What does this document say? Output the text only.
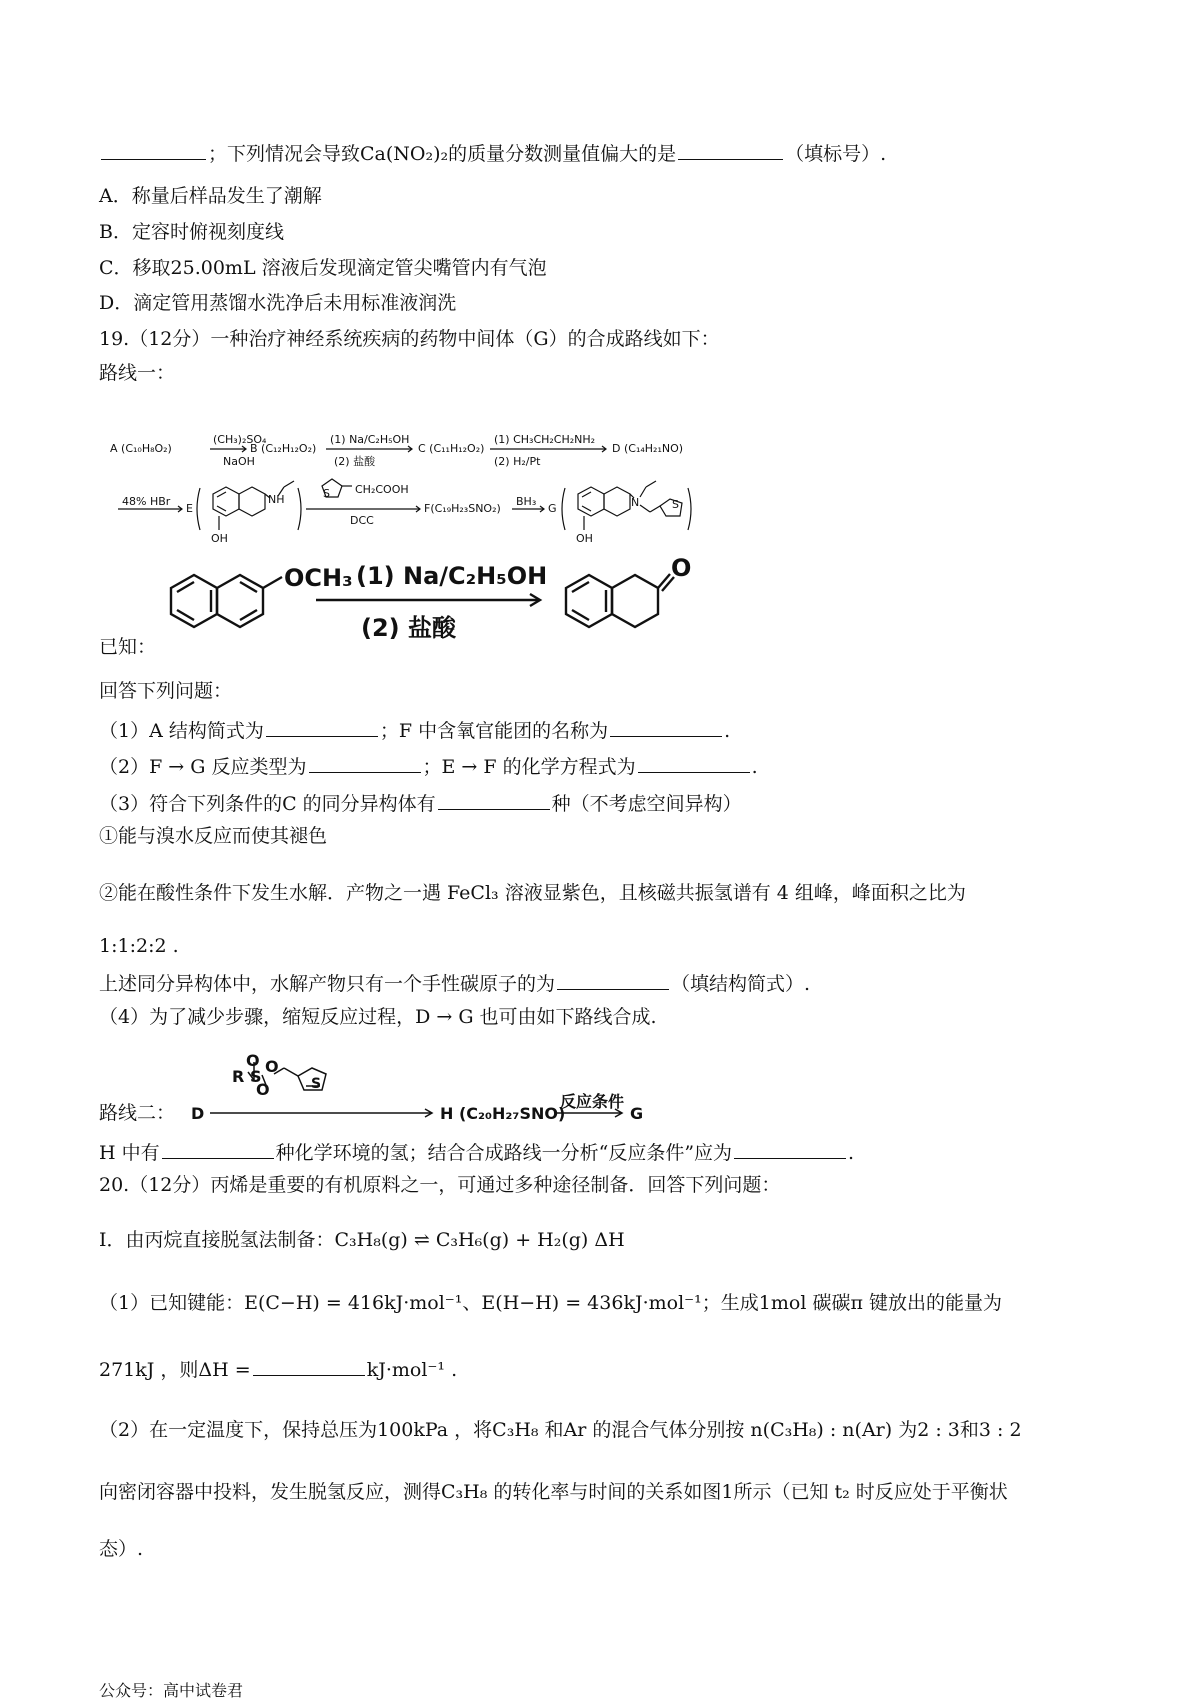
；下列情况会导致Ca(NO₂)₂的质量分数测量值偏大的是	（填标号）.
A．称量后样品发生了潮解
B．定容时俯视刻度线
C．移取25.00mL 溶液后发现滴定管尖嘴管内有气泡
D．滴定管用蒸馏水洗净后未用标准液润洗
19.（12分）一种治疗神经系统疾病的药物中间体（G）的合成路线如下：
路线一：
A (C₁₀H₈O₂)
(CH₃)₂SO₄
NaOH
B (C₁₂H₁₂O₂)
(1) Na/C₂H₅OH
(2) 盐酸
C (C₁₁H₁₂O₂)
(1) CH₃CH₂CH₂NH₂
(2) H₂/Pt
D (C₁₄H₂₁NO)
48% HBr
E
OH
NH
CH₂COOH
S
DCC
F(C₁₉H₂₃SNO₂)
BH₃
G
OH
N	S
OCH₃ (1) Na/C₂H₅OH
(2) 盐酸
O
O
S
O
R
O	S
D	H (C₂₀H₂₇SNO)
反应条件
G
已知：
回答下列问题：
（1）A 结构简式为	；F 中含氧官能团的名称为	.
（2）F → G 反应类型为	；E → F 的化学方程式为	.
（3）符合下列条件的C 的同分异构体有	种（不考虑空间异构）
①能与溴水反应而使其褪色
②能在酸性条件下发生水解．产物之一遇 FeCl₃ 溶液显紫色，且核磁共振氢谱有 4 组峰，峰面积之比为
1:1:2:2 .
上述同分异构体中，水解产物只有一个手性碳原子的为	（填结构简式）.
（4）为了减少步骤，缩短反应过程，D → G 也可由如下路线合成.
路线二：
H 中有	种化学环境的氢；结合合成路线一分析“反应条件”应为	.
20.（12分）丙烯是重要的有机原料之一，可通过多种途径制备．回答下列问题：
Ⅰ．由丙烷直接脱氢法制备：C₃H₈(g) ⇌ C₃H₆(g) + H₂(g) ΔH
（1）已知键能：E(C−H) = 416kJ·mol⁻¹、E(H−H) = 436kJ·mol⁻¹；生成1mol 碳碳π 键放出的能量为
271kJ ，则ΔH =	kJ·mol⁻¹ .
（2）在一定温度下，保持总压为100kPa ，将C₃H₈ 和Ar 的混合气体分别按 n(C₃H₈) : n(Ar) 为2 : 3和3 : 2
向密闭容器中投料，发生脱氢反应，测得C₃H₈ 的转化率与时间的关系如图1所示（已知 t₂ 时反应处于平衡状
态）.
公众号：高中试卷君
